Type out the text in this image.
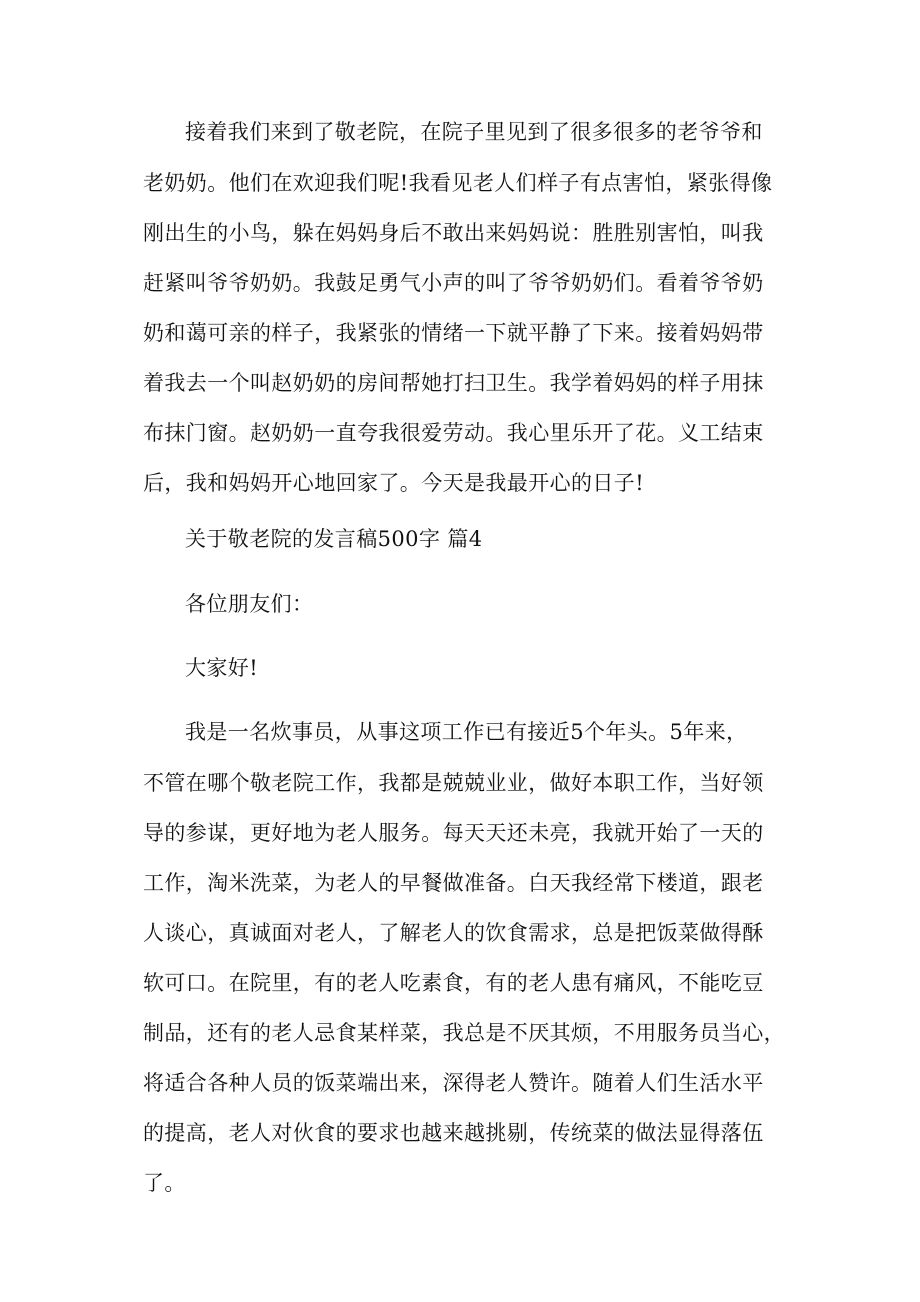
接着我们来到了敬老院，在院子里见到了很多很多的老爷爷和
老奶奶。他们在欢迎我们呢!我看见老人们样子有点害怕，紧张得像
刚出生的小鸟，躲在妈妈身后不敢出来妈妈说：胜胜别害怕，叫我
赶紧叫爷爷奶奶。我鼓足勇气小声的叫了爷爷奶奶们。看着爷爷奶
奶和蔼可亲的样子，我紧张的情绪一下就平静了下来。接着妈妈带
着我去一个叫赵奶奶的房间帮她打扫卫生。我学着妈妈的样子用抹
布抹门窗。赵奶奶一直夸我很爱劳动。我心里乐开了花。义工结束
后，我和妈妈开心地回家了。今天是我最开心的日子!
关于敬老院的发言稿500字 篇4
各位朋友们：
大家好!
我是一名炊事员，从事这项工作已有接近5个年头。5年来，
不管在哪个敬老院工作，我都是兢兢业业，做好本职工作，当好领
导的参谋，更好地为老人服务。每天天还未亮，我就开始了一天的
工作，淘米洗菜，为老人的早餐做准备。白天我经常下楼道，跟老
人谈心，真诚面对老人，了解老人的饮食需求，总是把饭菜做得酥
软可口。在院里，有的老人吃素食，有的老人患有痛风，不能吃豆
制品，还有的老人忌食某样菜，我总是不厌其烦，不用服务员当心，
将适合各种人员的饭菜端出来，深得老人赞许。随着人们生活水平
的提高，老人对伙食的要求也越来越挑剔，传统菜的做法显得落伍
了。
